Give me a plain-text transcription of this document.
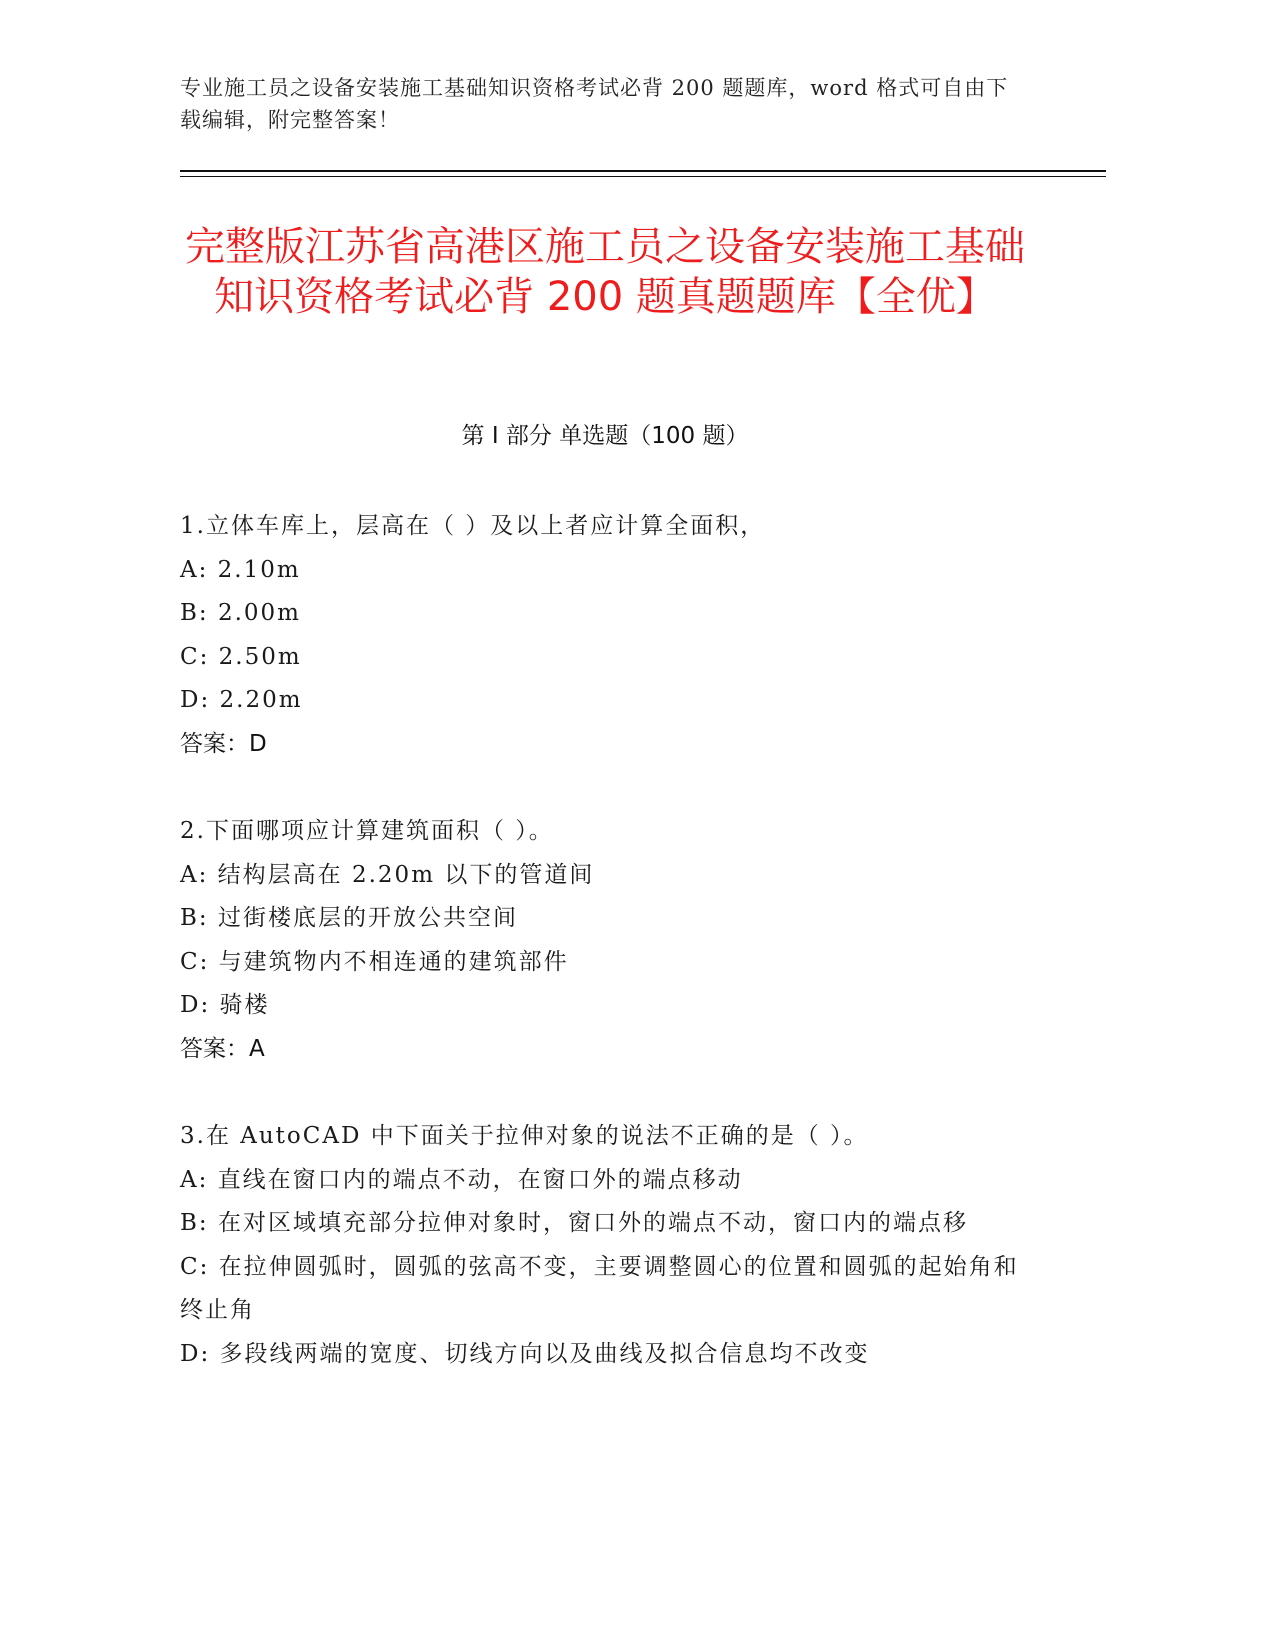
专业施工员之设备安装施工基础知识资格考试必背 200 题题库，word 格式可自由下载编辑，附完整答案！
完整版江苏省高港区施工员之设备安装施工基础知识资格考试必背 200 题真题题库【全优】
第 I 部分 单选题（100 题）
1.立体车库上，层高在（ ）及以上者应计算全面积，
A: 2.10m
B: 2.00m
C: 2.50m
D: 2.20m
答案：D
2.下面哪项应计算建筑面积（ ）。
A: 结构层高在 2.20m 以下的管道间
B: 过街楼底层的开放公共空间
C: 与建筑物内不相连通的建筑部件
D: 骑楼
答案：A
3.在 AutoCAD 中下面关于拉伸对象的说法不正确的是（ ）。
A: 直线在窗口内的端点不动，在窗口外的端点移动
B: 在对区域填充部分拉伸对象时，窗口外的端点不动，窗口内的端点移
C: 在拉伸圆弧时，圆弧的弦高不变，主要调整圆心的位置和圆弧的起始角和终止角
D: 多段线两端的宽度、切线方向以及曲线及拟合信息均不改变
